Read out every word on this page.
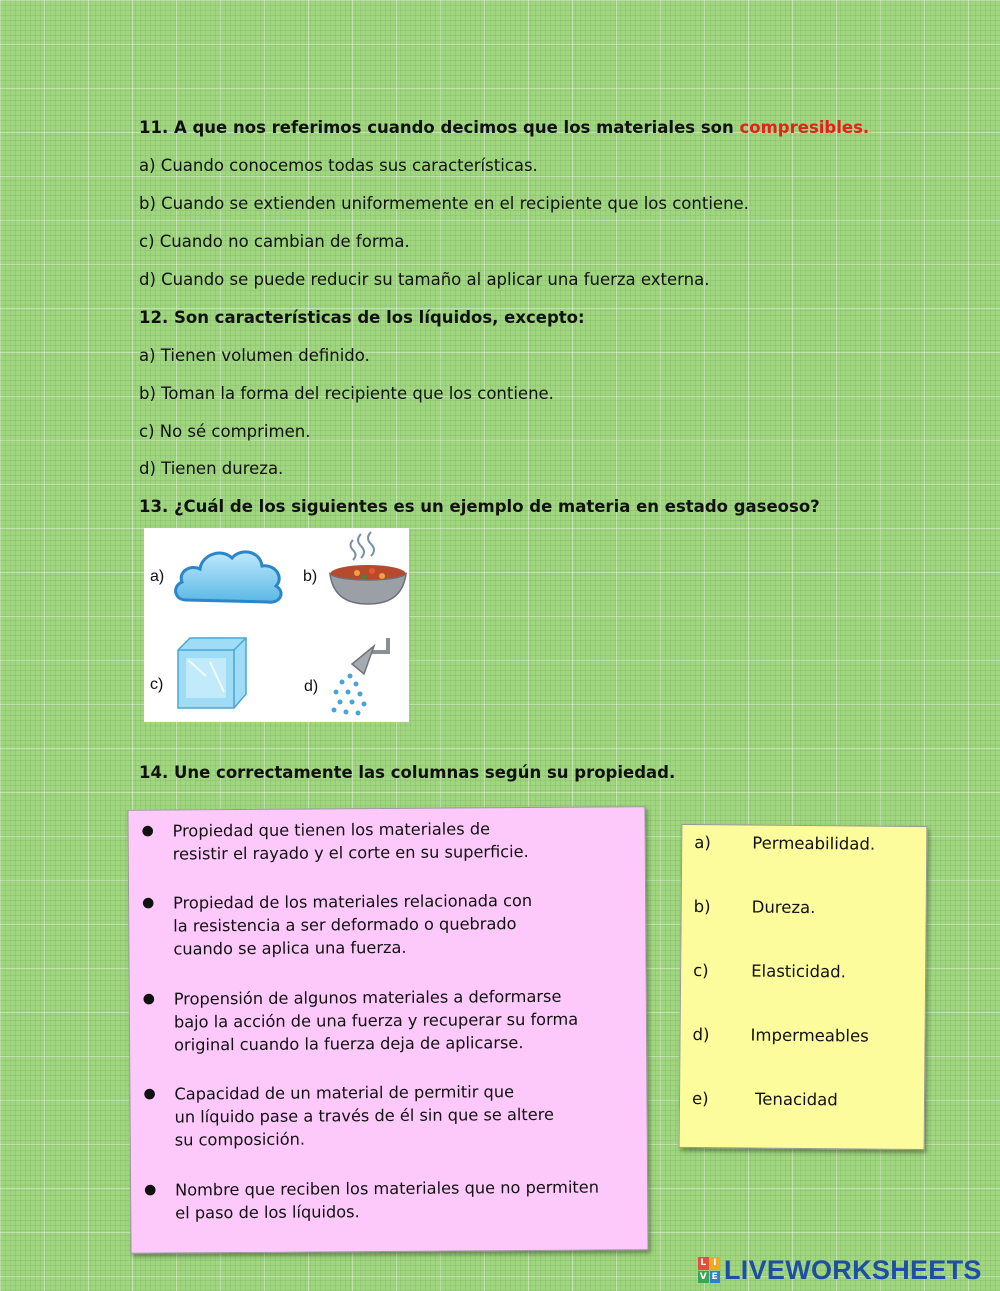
11. A que nos referimos cuando decimos que los materiales son compresibles.
a) Cuando conocemos todas sus características.
b) Cuando se extienden uniformemente en el recipiente que los contiene.
c) Cuando no cambian de forma.
d) Cuando se puede reducir su tamaño al aplicar una fuerza externa.
12. Son características de los líquidos, excepto:
a) Tienen volumen definido.
b) Toman la forma del recipiente que los contiene.
c) No sé comprimen.
d) Tienen dureza.
13. ¿Cuál de los siguientes es un ejemplo de materia en estado gaseoso?
a)	b)
c)	d)
14. Une correctamente las columnas según su propiedad.
● Propiedad que tienen los materiales de
resistir el rayado y el corte en su superficie.
● Propiedad de los materiales relacionada con
la resistencia a ser deformado o quebrado
cuando se aplica una fuerza.
● Propensión de algunos materiales a deformarse
bajo la acción de una fuerza y recuperar su forma
original cuando la fuerza deja de aplicarse.
● Capacidad de un material de permitir que
un líquido pase a través de él sin que se altere
su composición.
● Nombre que reciben los materiales que no permiten
el paso de los líquidos.
a)	Permeabilidad.
b) Dureza.
c)	Elasticidad.
d) Impermeables
e)	Tenacidad
L I
V E LIVEWORKSHEETS
